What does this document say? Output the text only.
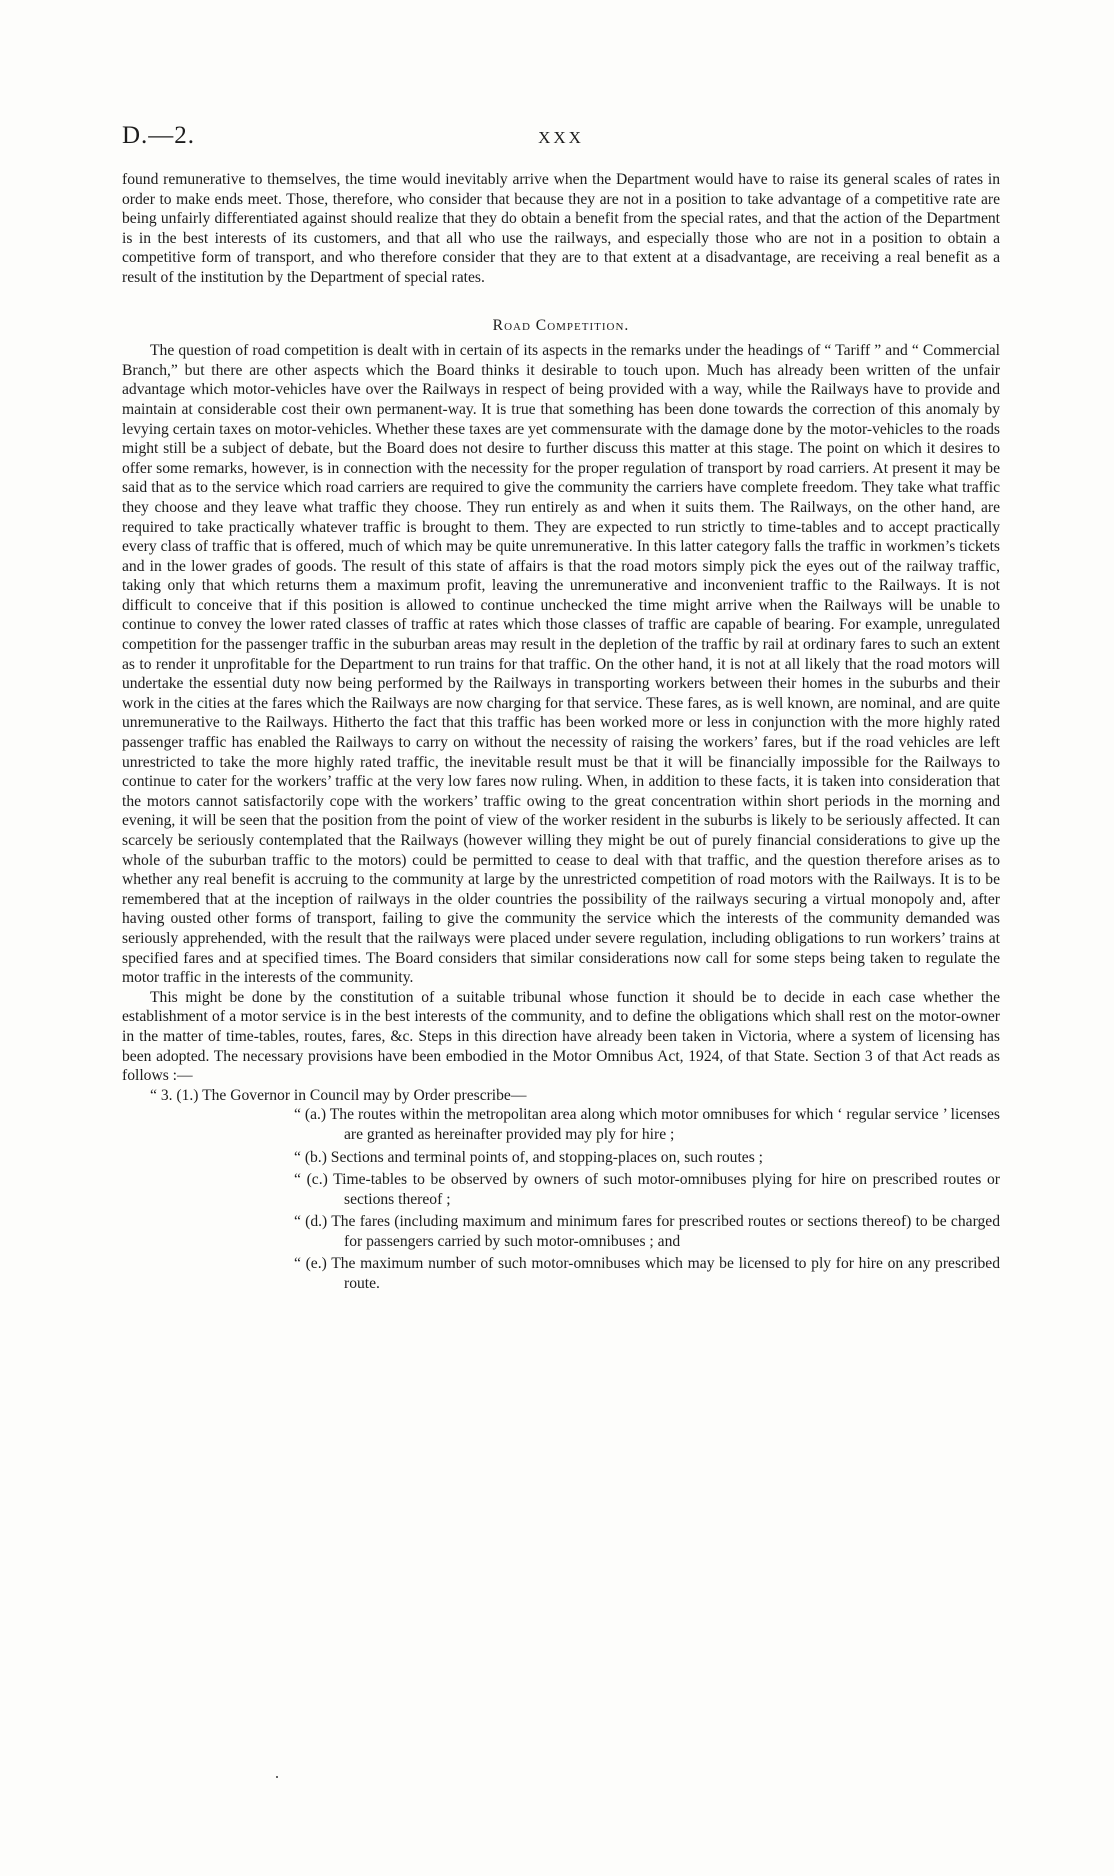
D.—2.	XXX

found remunerative to themselves, the time would inevitably arrive when the Department would have to raise its general scales of rates in order to make ends meet. Those, therefore, who consider that because they are not in a position to take advantage of a competitive rate are being unfairly differentiated against should realize that they do obtain a benefit from the special rates, and that the action of the Department is in the best interests of its customers, and that all who use the railways, and especially those who are not in a position to obtain a competitive form of transport, and who therefore consider that they are to that extent at a disadvantage, are receiving a real benefit as a result of the institution by the Department of special rates.

Road Competition.

The question of road competition is dealt with in certain of its aspects in the remarks under the headings of “ Tariff ” and “ Commercial Branch,” but there are other aspects which the Board thinks it desirable to touch upon. Much has already been written of the unfair advantage which motor-vehicles have over the Railways in respect of being provided with a way, while the Railways have to provide and maintain at considerable cost their own permanent-way. It is true that something has been done towards the correction of this anomaly by levying certain taxes on motor-vehicles. Whether these taxes are yet commensurate with the damage done by the motor-vehicles to the roads might still be a subject of debate, but the Board does not desire to further discuss this matter at this stage. The point on which it desires to offer some remarks, however, is in connection with the necessity for the proper regulation of transport by road carriers. At present it may be said that as to the service which road carriers are required to give the community the carriers have complete freedom. They take what traffic they choose and they leave what traffic they choose. They run entirely as and when it suits them. The Railways, on the other hand, are required to take practically whatever traffic is brought to them. They are expected to run strictly to time-tables and to accept practically every class of traffic that is offered, much of which may be quite unremunerative. In this latter category falls the traffic in workmen’s tickets and in the lower grades of goods. The result of this state of affairs is that the road motors simply pick the eyes out of the railway traffic, taking only that which returns them a maximum profit, leaving the unremunerative and inconvenient traffic to the Railways. It is not difficult to conceive that if this position is allowed to continue unchecked the time might arrive when the Railways will be unable to continue to convey the lower rated classes of traffic at rates which those classes of traffic are capable of bearing. For example, unregulated competition for the passenger traffic in the suburban areas may result in the depletion of the traffic by rail at ordinary fares to such an extent as to render it unprofitable for the Department to run trains for that traffic. On the other hand, it is not at all likely that the road motors will undertake the essential duty now being performed by the Railways in transporting workers between their homes in the suburbs and their work in the cities at the fares which the Railways are now charging for that service. These fares, as is well known, are nominal, and are quite unremunerative to the Railways. Hitherto the fact that this traffic has been worked more or less in conjunction with the more highly rated passenger traffic has enabled the Railways to carry on without the necessity of raising the workers’ fares, but if the road vehicles are left unrestricted to take the more highly rated traffic, the inevitable result must be that it will be financially impossible for the Railways to continue to cater for the workers’ traffic at the very low fares now ruling. When, in addition to these facts, it is taken into consideration that the motors cannot satisfactorily cope with the workers’ traffic owing to the great concentration within short periods in the morning and evening, it will be seen that the position from the point of view of the worker resident in the suburbs is likely to be seriously affected. It can scarcely be seriously contemplated that the Railways (however willing they might be out of purely financial considerations to give up the whole of the suburban traffic to the motors) could be permitted to cease to deal with that traffic, and the question therefore arises as to whether any real benefit is accruing to the community at large by the unrestricted competition of road motors with the Railways. It is to be remembered that at the inception of railways in the older countries the possibility of the railways securing a virtual monopoly and, after having ousted other forms of transport, failing to give the community the service which the interests of the community demanded was seriously apprehended, with the result that the railways were placed under severe regulation, including obligations to run workers’ trains at specified fares and at specified times. The Board considers that similar considerations now call for some steps being taken to regulate the motor traffic in the interests of the community.

This might be done by the constitution of a suitable tribunal whose function it should be to decide in each case whether the establishment of a motor service is in the best interests of the community, and to define the obligations which shall rest on the motor-owner in the matter of time-tables, routes, fares, &c. Steps in this direction have already been taken in Victoria, where a system of licensing has been adopted. The necessary provisions have been embodied in the Motor Omnibus Act, 1924, of that State. Section 3 of that Act reads as follows :—

“ 3. (1.) The Governor in Council may by Order prescribe—

“ (a.) The routes within the metropolitan area along which motor omnibuses for which ‘ regular service ’ licenses are granted as hereinafter provided may ply for hire ;

“ (b.) Sections and terminal points of, and stopping-places on, such routes ;

“ (c.) Time-tables to be observed by owners of such motor-omnibuses plying for hire on prescribed routes or sections thereof ;

“ (d.) The fares (including maximum and minimum fares for prescribed routes or sections thereof) to be charged for passengers carried by such motor-omnibuses ; and

“ (e.) The maximum number of such motor-omnibuses which may be licensed to ply for hire on any prescribed route.
